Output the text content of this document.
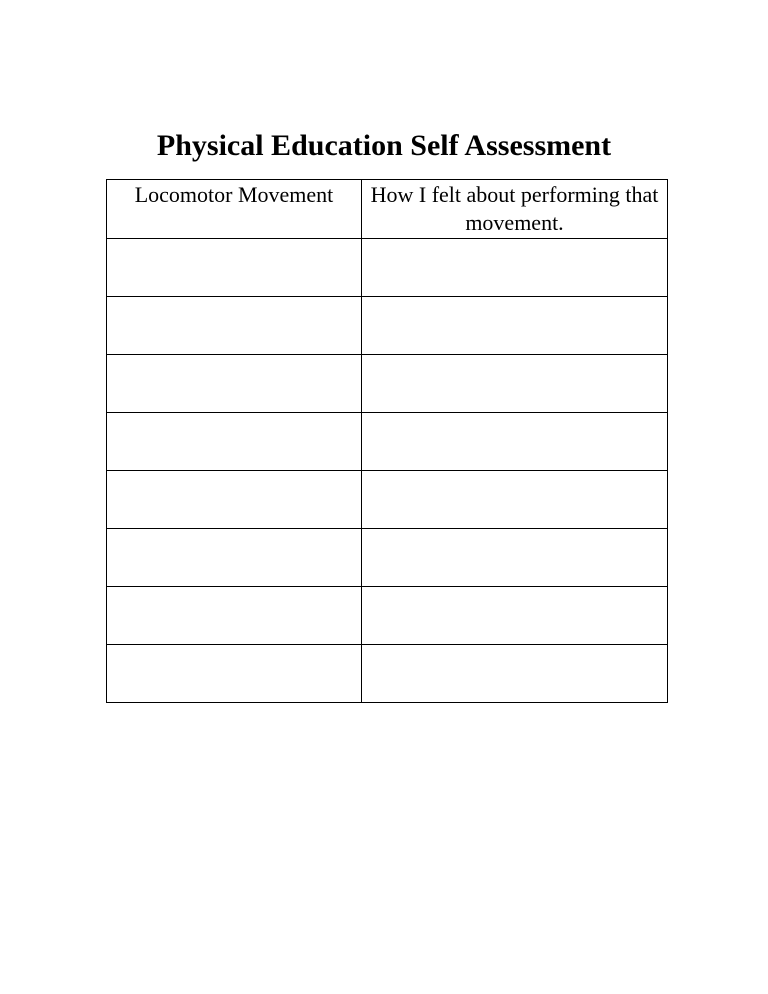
Physical Education Self Assessment
Locomotor Movement	How I felt about performing that movement.
